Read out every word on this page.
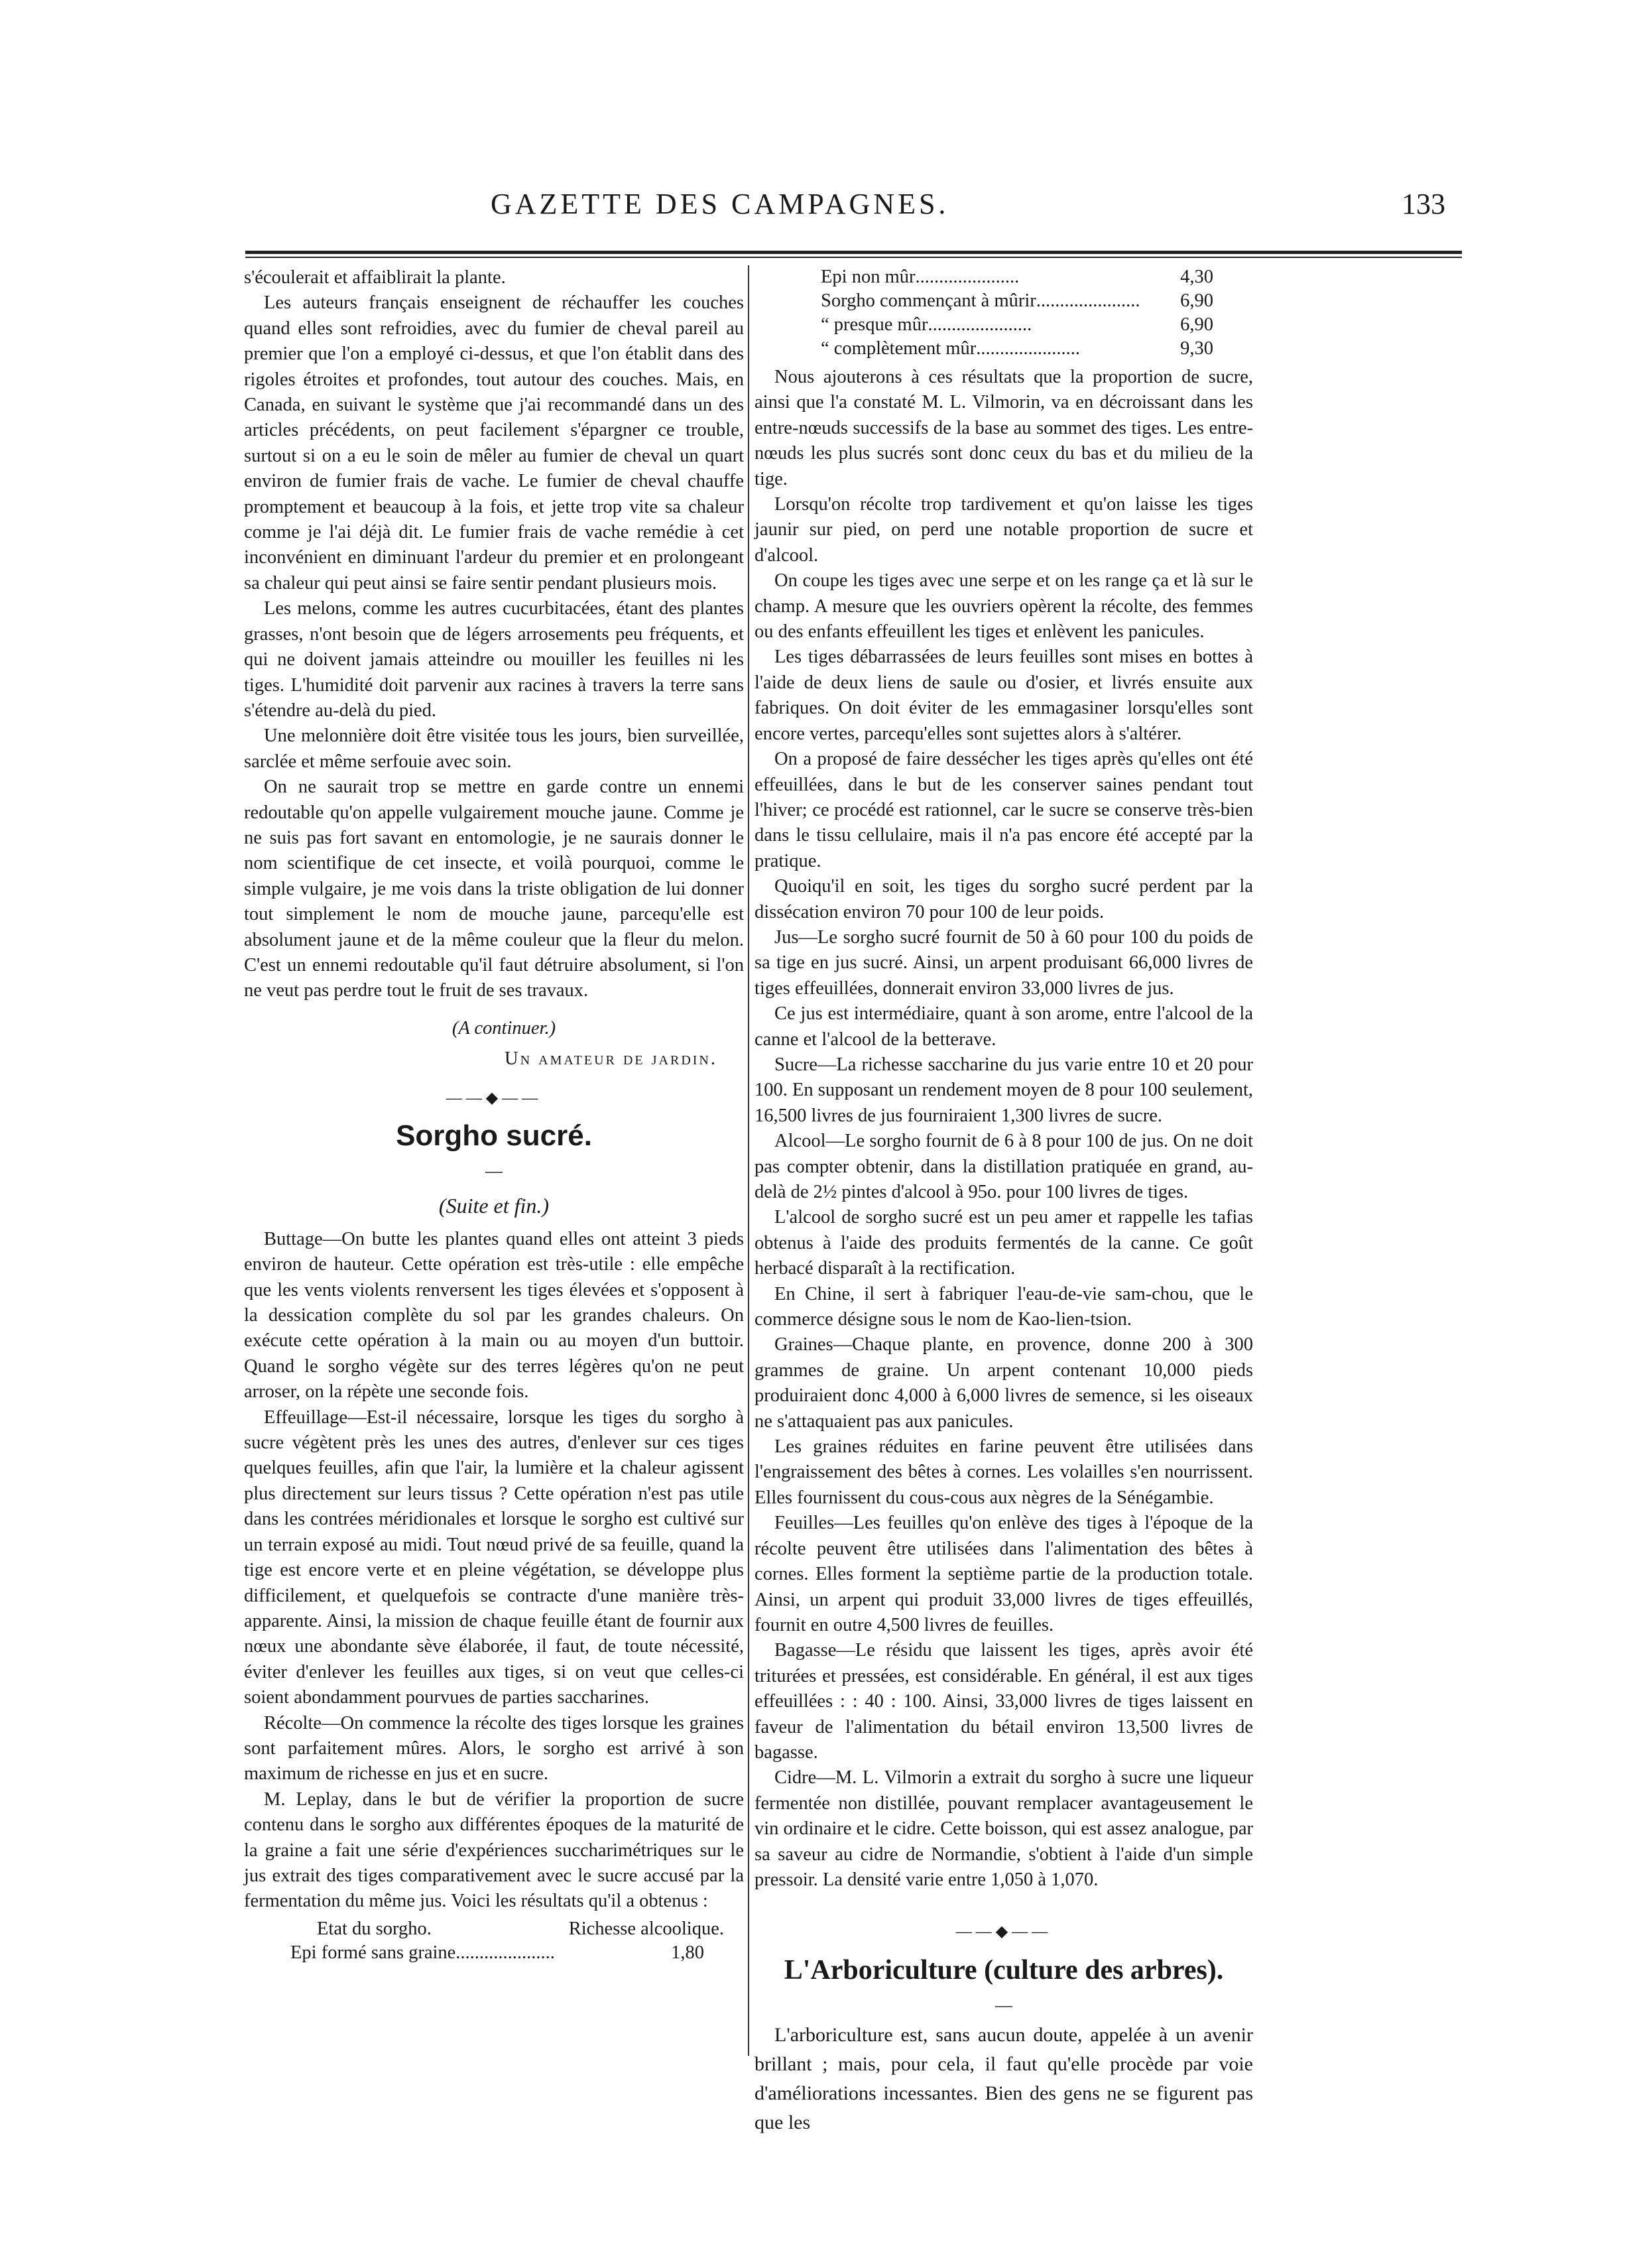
GAZETTE DES CAMPAGNES.	133

s'écoulerait et affaiblirait la plante.

Les auteurs français enseignent de réchauffer les couches quand elles sont refroidies, avec du fumier de cheval pareil au premier que l'on a employé ci-dessus, et que l'on établit dans des rigoles étroites et profondes, tout autour des couches. Mais, en Canada, en suivant le système que j'ai recommandé dans un des articles précédents, on peut facilement s'épargner ce trouble, surtout si on a eu le soin de mêler au fumier de cheval un quart environ de fumier frais de vache. Le fumier de cheval chauffe promptement et beaucoup à la fois, et jette trop vite sa chaleur comme je l'ai déjà dit. Le fumier frais de vache remédie à cet inconvénient en diminuant l'ardeur du premier et en prolongeant sa chaleur qui peut ainsi se faire sentir pendant plusieurs mois.

Les melons, comme les autres cucurbitacées, étant des plantes grasses, n'ont besoin que de légers arrosements peu fréquents, et qui ne doivent jamais atteindre ou mouiller les feuilles ni les tiges. L'humidité doit parvenir aux racines à travers la terre sans s'étendre au-delà du pied.

Une melonnière doit être visitée tous les jours, bien surveillée, sarclée et même serfouie avec soin.

On ne saurait trop se mettre en garde contre un ennemi redoutable qu'on appelle vulgairement mouche jaune. Comme je ne suis pas fort savant en entomologie, je ne saurais donner le nom scientifique de cet insecte, et voilà pourquoi, comme le simple vulgaire, je me vois dans la triste obligation de lui donner tout simplement le nom de mouche jaune, parcequ'elle est absolument jaune et de la même couleur que la fleur du melon. C'est un ennemi redoutable qu'il faut détruire absolument, si l'on ne veut pas perdre tout le fruit de ses travaux.

(A continuer.)

Un amateur de jardin.

——◆——
Sorgho sucré.
—
(Suite et fin.)

Buttage—On butte les plantes quand elles ont atteint 3 pieds environ de hauteur. Cette opération est très-utile : elle empêche que les vents violents renversent les tiges élevées et s'opposent à la dessication complète du sol par les grandes chaleurs. On exécute cette opération à la main ou au moyen d'un buttoir. Quand le sorgho végète sur des terres légères qu'on ne peut arroser, on la répète une seconde fois.

Effeuillage—Est-il nécessaire, lorsque les tiges du sorgho à sucre végètent près les unes des autres, d'enlever sur ces tiges quelques feuilles, afin que l'air, la lumière et la chaleur agissent plus directement sur leurs tissus ? Cette opération n'est pas utile dans les contrées méridionales et lorsque le sorgho est cultivé sur un terrain exposé au midi. Tout nœud privé de sa feuille, quand la tige est encore verte et en pleine végétation, se développe plus difficilement, et quelquefois se contracte d'une manière très-apparente. Ainsi, la mission de chaque feuille étant de fournir aux nœux une abondante sève élaborée, il faut, de toute nécessité, éviter d'enlever les feuilles aux tiges, si on veut que celles-ci soient abondamment pourvues de parties saccharines.

Récolte—On commence la récolte des tiges lorsque les graines sont parfaitement mûres. Alors, le sorgho est arrivé à son maximum de richesse en jus et en sucre.

M. Leplay, dans le but de vérifier la proportion de sucre contenu dans le sorgho aux différentes époques de la maturité de la graine a fait une série d'expériences succharimétriques sur le jus extrait des tiges comparativement avec le sucre accusé par la fermentation du même jus. Voici les résultats qu'il a obtenus :

Etat du sorgho.	Richesse alcoolique.
Epi formé sans graine.....................	1,80
Epi non mûr......................	4,30
Sorgho commençant à mûrir......................	6,90
“ presque mûr......................	6,90
“ complètement mûr......................	9,30

Nous ajouterons à ces résultats que la proportion de sucre, ainsi que l'a constaté M. L. Vilmorin, va en décroissant dans les entre-nœuds successifs de la base au sommet des tiges. Les entre-nœuds les plus sucrés sont donc ceux du bas et du milieu de la tige.

Lorsqu'on récolte trop tardivement et qu'on laisse les tiges jaunir sur pied, on perd une notable proportion de sucre et d'alcool.

On coupe les tiges avec une serpe et on les range ça et là sur le champ. A mesure que les ouvriers opèrent la récolte, des femmes ou des enfants effeuillent les tiges et enlèvent les panicules.

Les tiges débarrassées de leurs feuilles sont mises en bottes à l'aide de deux liens de saule ou d'osier, et livrés ensuite aux fabriques. On doit éviter de les emmagasiner lorsqu'elles sont encore vertes, parcequ'elles sont sujettes alors à s'altérer.

On a proposé de faire dessécher les tiges après qu'elles ont été effeuillées, dans le but de les conserver saines pendant tout l'hiver; ce procédé est rationnel, car le sucre se conserve très-bien dans le tissu cellulaire, mais il n'a pas encore été accepté par la pratique.

Quoiqu'il en soit, les tiges du sorgho sucré perdent par la dissécation environ 70 pour 100 de leur poids.

Jus—Le sorgho sucré fournit de 50 à 60 pour 100 du poids de sa tige en jus sucré. Ainsi, un arpent produisant 66,000 livres de tiges effeuillées, donnerait environ 33,000 livres de jus.

Ce jus est intermédiaire, quant à son arome, entre l'alcool de la canne et l'alcool de la betterave.

Sucre—La richesse saccharine du jus varie entre 10 et 20 pour 100. En supposant un rendement moyen de 8 pour 100 seulement, 16,500 livres de jus fourniraient 1,300 livres de sucre.

Alcool—Le sorgho fournit de 6 à 8 pour 100 de jus. On ne doit pas compter obtenir, dans la distillation pratiquée en grand, au-delà de 2½ pintes d'alcool à 95o. pour 100 livres de tiges.

L'alcool de sorgho sucré est un peu amer et rappelle les tafias obtenus à l'aide des produits fermentés de la canne. Ce goût herbacé disparaît à la rectification.

En Chine, il sert à fabriquer l'eau-de-vie sam-chou, que le commerce désigne sous le nom de Kao-lien-tsion.

Graines—Chaque plante, en provence, donne 200 à 300 grammes de graine. Un arpent contenant 10,000 pieds produiraient donc 4,000 à 6,000 livres de semence, si les oiseaux ne s'attaquaient pas aux panicules.

Les graines réduites en farine peuvent être utilisées dans l'engraissement des bêtes à cornes. Les volailles s'en nourrissent. Elles fournissent du cous-cous aux nègres de la Sénégambie.

Feuilles—Les feuilles qu'on enlève des tiges à l'époque de la récolte peuvent être utilisées dans l'alimentation des bêtes à cornes. Elles forment la septième partie de la production totale. Ainsi, un arpent qui produit 33,000 livres de tiges effeuillés, fournit en outre 4,500 livres de feuilles.

Bagasse—Le résidu que laissent les tiges, après avoir été triturées et pressées, est considérable. En général, il est aux tiges effeuillées : : 40 : 100. Ainsi, 33,000 livres de tiges laissent en faveur de l'alimentation du bétail environ 13,500 livres de bagasse.

Cidre—M. L. Vilmorin a extrait du sorgho à sucre une liqueur fermentée non distillée, pouvant remplacer avantageusement le vin ordinaire et le cidre. Cette boisson, qui est assez analogue, par sa saveur au cidre de Normandie, s'obtient à l'aide d'un simple pressoir. La densité varie entre 1,050 à 1,070.

——◆——
L'Arboriculture (culture des arbres).
—

L'arboriculture est, sans aucun doute, appelée à un avenir brillant ; mais, pour cela, il faut qu'elle procède par voie d'améliorations incessantes. Bien des gens ne se figurent pas que les
